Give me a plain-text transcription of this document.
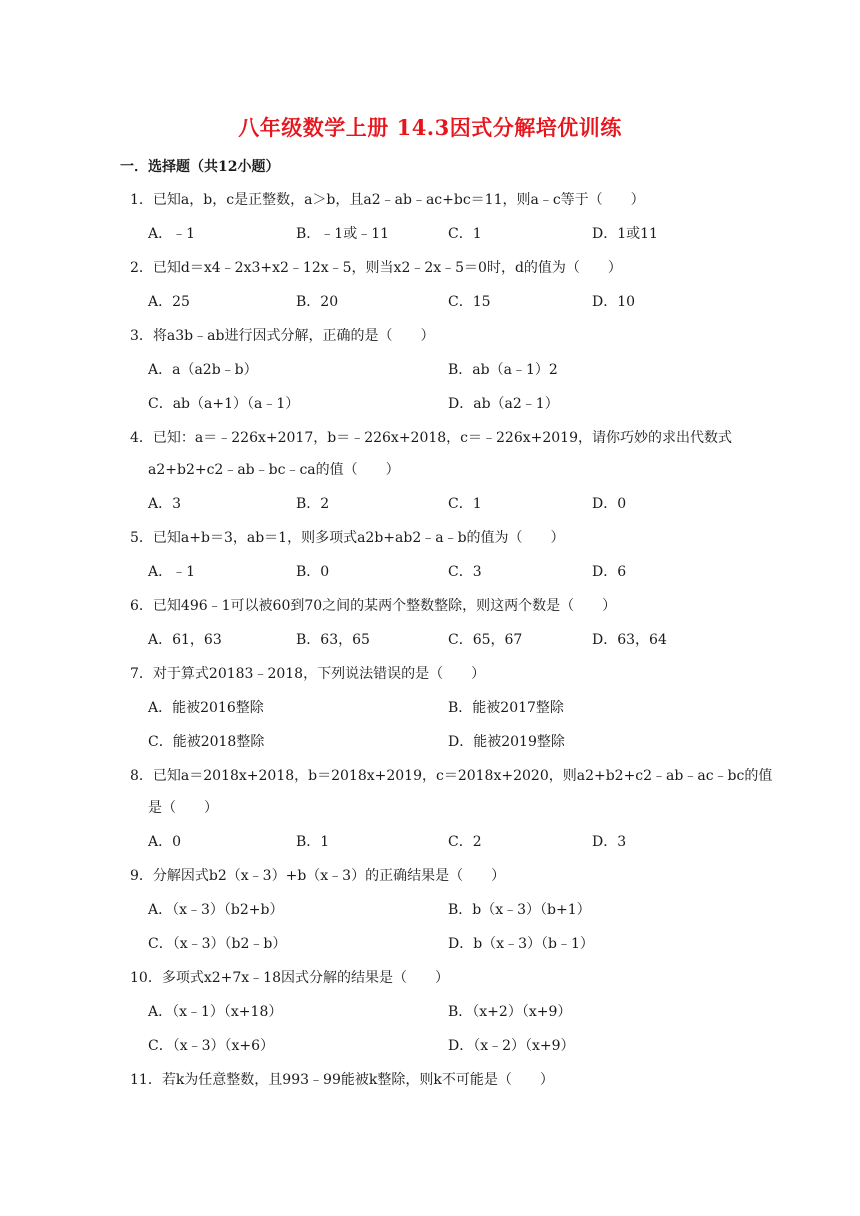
八年级数学上册 14.3因式分解培优训练
一．选择题（共12小题）
1．已知a，b，c是正整数，a＞b，且a2﹣ab﹣ac+bc＝11，则a﹣c等于（　　）
A．﹣1	B．﹣1或﹣11	C．1	D．1或11
2．已知d＝x4﹣2x3+x2﹣12x﹣5，则当x2﹣2x﹣5＝0时，d的值为（　　）
A．25	B．20	C．15	D．10
3．将a3b﹣ab进行因式分解，正确的是（　　）
A．a（a2b﹣b）	B．ab（a﹣1）2
C．ab（a+1）（a﹣1）	D．ab（a2﹣1）
4．已知：a＝﹣226x+2017，b＝﹣226x+2018，c＝﹣226x+2019，请你巧妙的求出代数式
a2+b2+c2﹣ab﹣bc﹣ca的值（　　）
A．3	B．2	C．1	D．0
5．已知a+b＝3，ab＝1，则多项式a2b+ab2﹣a﹣b的值为（　　）
A．﹣1	B．0	C．3	D．6
6．已知496﹣1可以被60到70之间的某两个整数整除，则这两个数是（　　）
A．61，63	B．63，65	C．65，67	D．63，64
7．对于算式20183﹣2018，下列说法错误的是（　　）
A．能被2016整除	B．能被2017整除
C．能被2018整除	D．能被2019整除
8．已知a＝2018x+2018，b＝2018x+2019，c＝2018x+2020，则a2+b2+c2﹣ab﹣ac﹣bc的值
是（　　）
A．0	B．1	C．2	D．3
9．分解因式b2（x﹣3）+b（x﹣3）的正确结果是（　　）
A．（x﹣3）（b2+b）	B．b（x﹣3）（b+1）
C．（x﹣3）（b2﹣b）	D．b（x﹣3）（b﹣1）
10．多项式x2+7x﹣18因式分解的结果是（　　）
A．（x﹣1）（x+18）	B．（x+2）（x+9）
C．（x﹣3）（x+6）	D．（x﹣2）（x+9）
11．若k为任意整数，且993﹣99能被k整除，则k不可能是（　　）
